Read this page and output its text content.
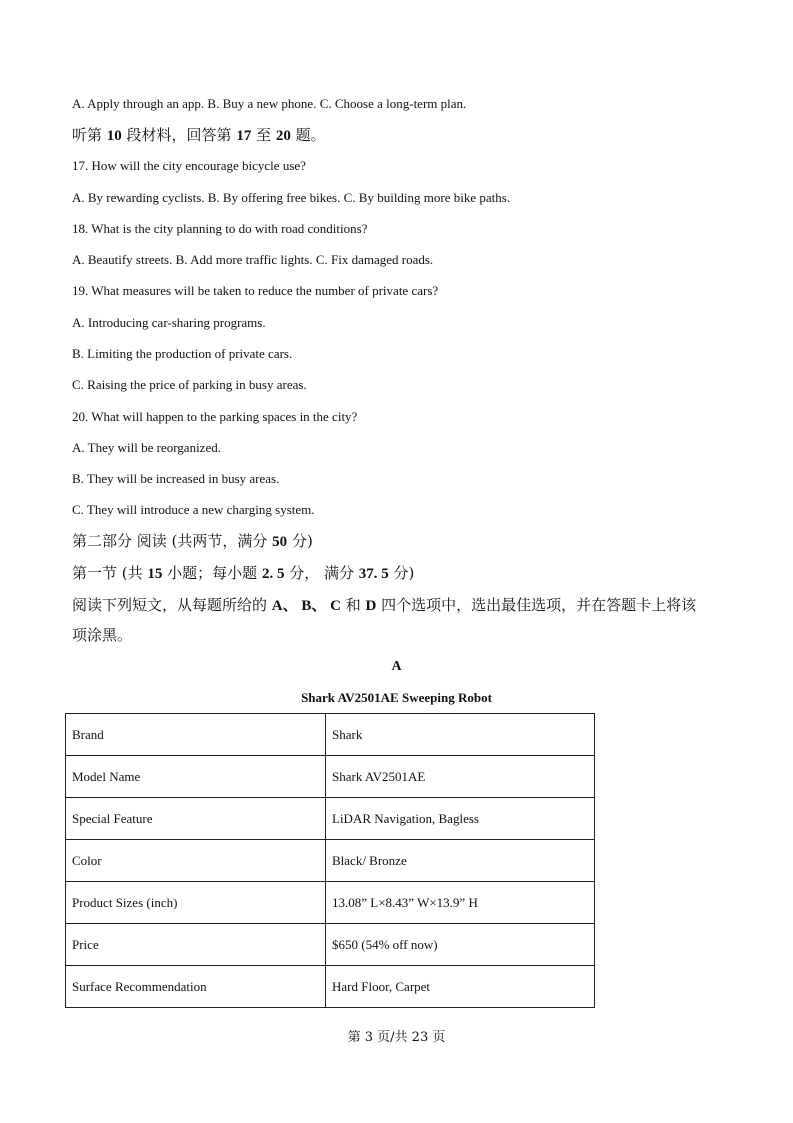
A. Apply through an app. B. Buy a new phone. C. Choose a long-term plan.
听第 10 段材料，回答第 17 至 20 题。
17. How will the city encourage bicycle use?
A. By rewarding cyclists. B. By offering free bikes. C. By building more bike paths.
18. What is the city planning to do with road conditions?
A. Beautify streets. B. Add more traffic lights. C. Fix damaged roads.
19. What measures will be taken to reduce the number of private cars?
A. Introducing car-sharing programs.
B. Limiting the production of private cars.
C. Raising the price of parking in busy areas.
20. What will happen to the parking spaces in the city?
A. They will be reorganized.
B. They will be increased in busy areas.
C. They will introduce a new charging system.
第二部分 阅读 (共两节，满分 50 分)
第一节 (共 15 小题；每小题 2. 5 分， 满分 37. 5 分)
阅读下列短文，从每题所给的 A、 B、 C 和 D 四个选项中，选出最佳选项，并在答题卡上将该
项涂黑。
A
Shark AV2501AE Sweeping Robot
Brand	Shark
Model Name	Shark AV2501AE
Special Feature	LiDAR Navigation, Bagless
Color	Black/ Bronze
Product Sizes (inch)	13.08” L×8.43” W×13.9” H
Price	$650 (54% off now)
Surface Recommendation	Hard Floor, Carpet
第 3 页/共 23 页
